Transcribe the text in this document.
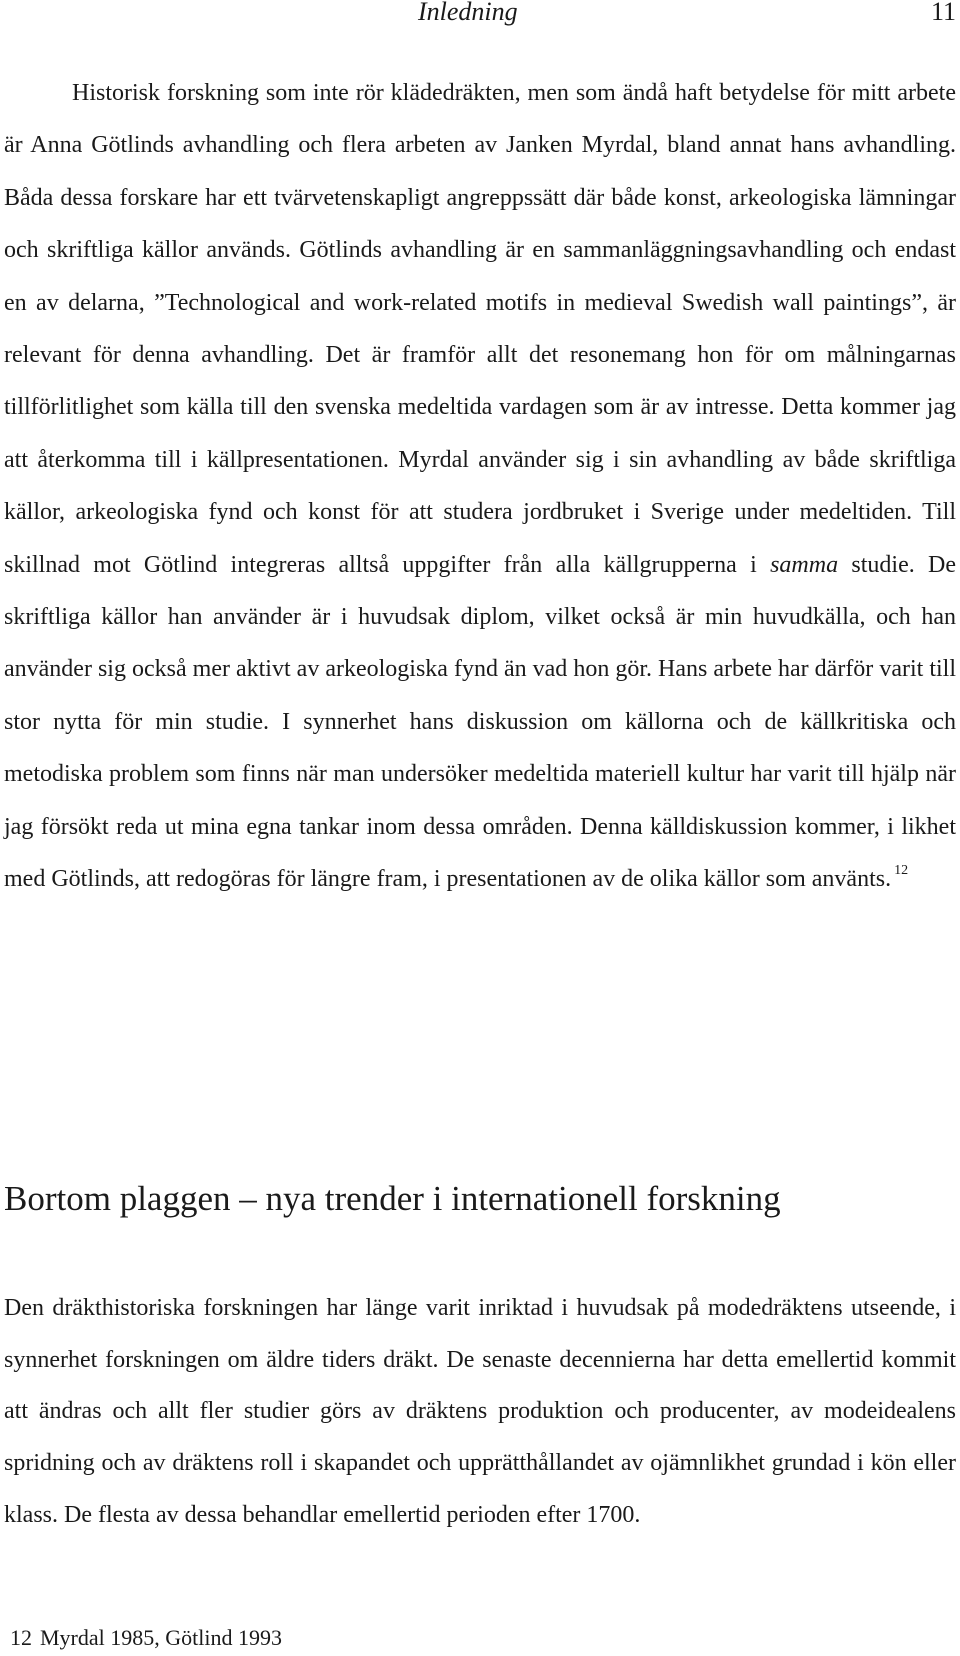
Inledning	11

Historisk forskning som inte rör klädedräkten, men som ändå haft betydelse för mitt arbete är Anna Götlinds avhandling och flera arbeten av Janken Myrdal, bland annat hans avhandling. Båda dessa forskare har ett tvärvetenskapligt angreppssätt där både konst, arkeologiska lämningar och skriftliga källor används. Götlinds avhandling är en sammanläggningsavhandling och endast en av delarna, ”Technological and work-related motifs in medieval Swedish wall paintings”, är relevant för denna avhandling. Det är framför allt det resonemang hon för om målningarnas tillförlitlighet som källa till den svenska medeltida vardagen som är av intresse. Detta kommer jag att återkomma till i källpresentationen. Myrdal använder sig i sin avhandling av både skriftliga källor, arkeologiska fynd och konst för att studera jordbruket i Sverige under medeltiden. Till skillnad mot Götlind integreras alltså uppgifter från alla källgrupperna i samma studie. De skriftliga källor han använder är i huvudsak diplom, vilket också är min huvudkälla, och han använder sig också mer aktivt av arkeologiska fynd än vad hon gör. Hans arbete har därför varit till stor nytta för min studie. I synnerhet hans diskussion om källorna och de källkritiska och metodiska problem som finns när man undersöker medeltida materiell kultur har varit till hjälp när jag försökt reda ut mina egna tankar inom dessa områden. Denna källdiskussion kommer, i likhet med Götlinds, att redogöras för längre fram, i presentationen av de olika källor som använts. $^{12}$

Bortom plaggen – nya trender i internationell forskning

Den dräkthistoriska forskningen har länge varit inriktad i huvudsak på modedräktens utseende, i synnerhet forskningen om äldre tiders dräkt. De senaste decennierna har detta emellertid kommit att ändras och allt fler studier görs av dräktens produktion och producenter, av modeidealens spridning och av dräktens roll i skapandet och upprätthållandet av ojämnlikhet grundad i kön eller klass. De flesta av dessa behandlar emellertid perioden efter 1700.

12 Myrdal 1985, Götlind 1993
